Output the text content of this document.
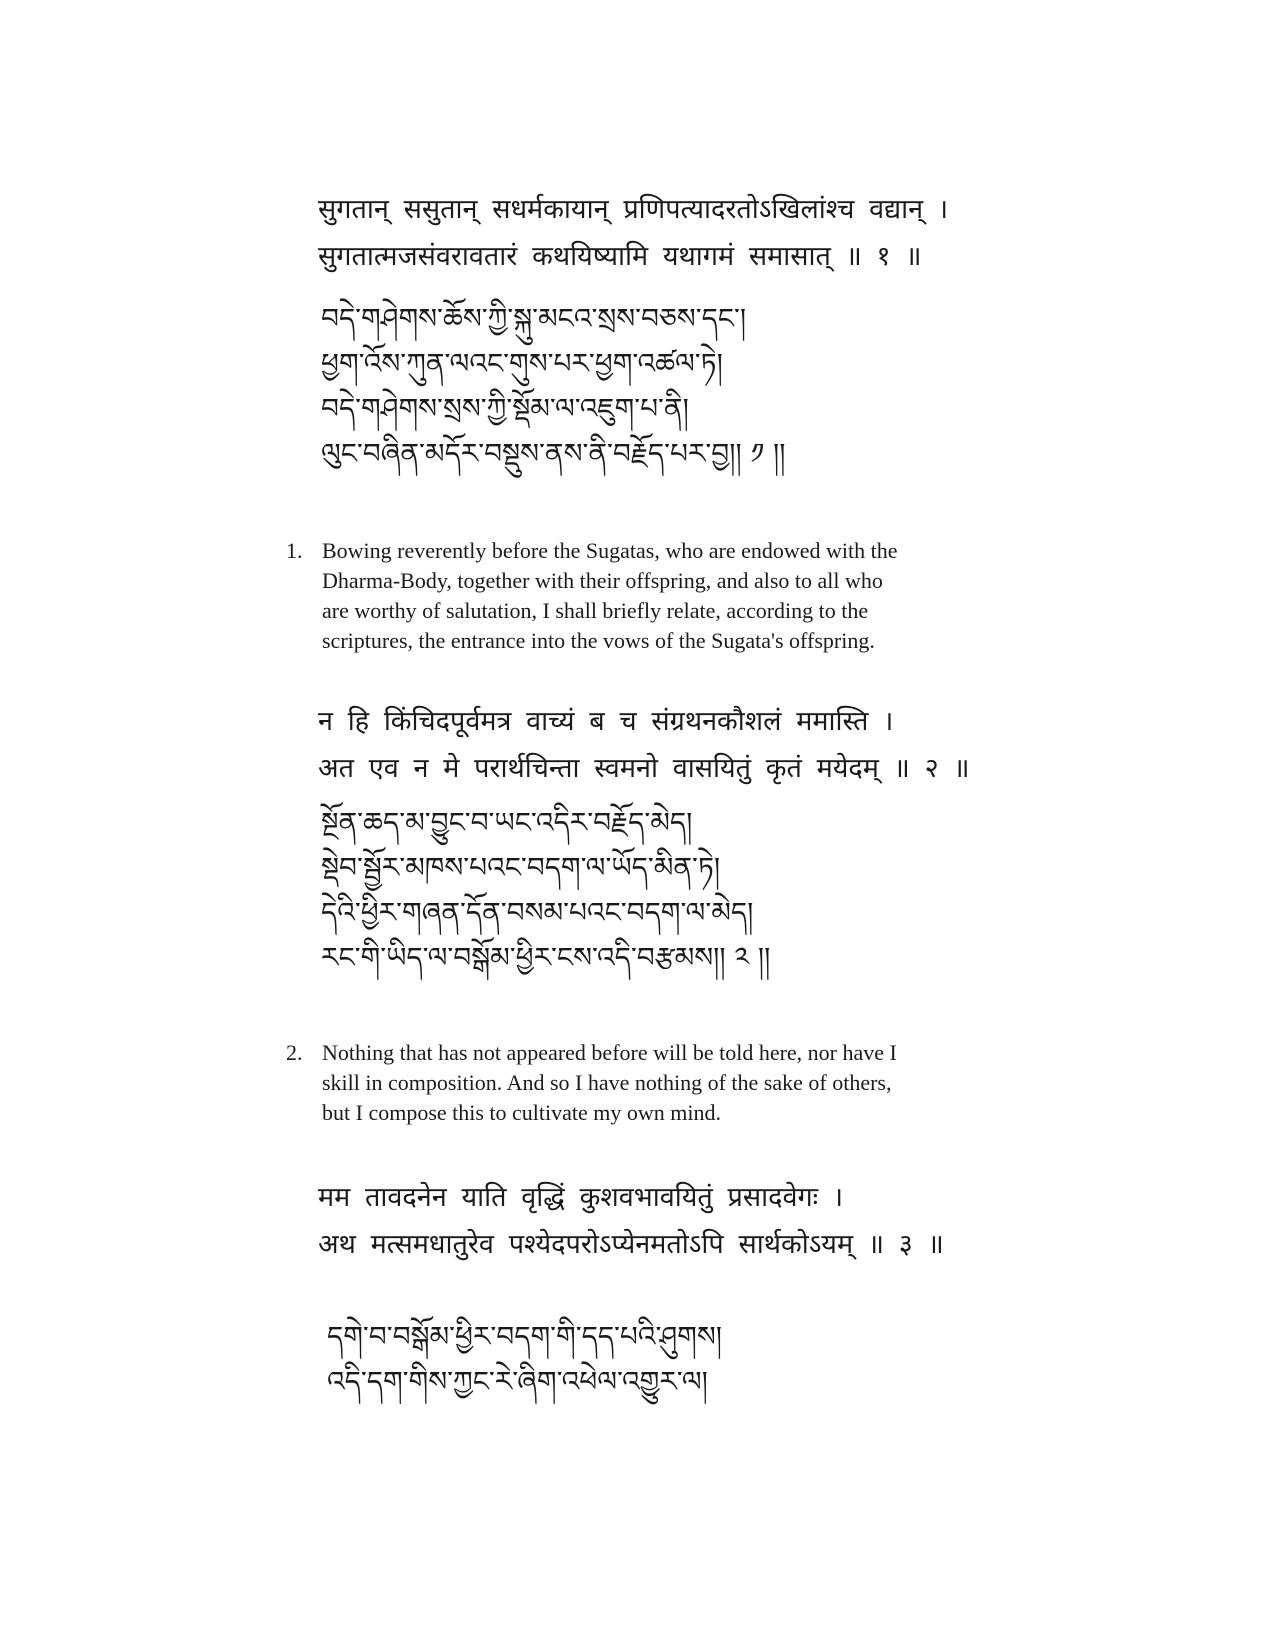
सुगतान् ससुतान् सधर्मकायान् प्रणिपत्यादरतोऽखिलांश्च वद्यान् ।
सुगतात्मजसंवरावतारं कथयिष्यामि यथागमं समासात् ॥ १ ॥
བདེ་གཤེགས་ཆོས་ཀྱི་སྐུ་མངའ་སྲས་བཅས་དང་།
ཕྱག་འོས་ཀུན་ལའང་གུས་པར་ཕྱག་འཚལ་ཏེ།
བདེ་གཤེགས་སྲས་ཀྱི་སྡོམ་ལ་འཇུག་པ་ནི།
ལུང་བཞིན་མདོར་བསྡུས་ནས་ནི་བརྗོད་པར་བྱ།། ༡ །།
1. Bowing reverently before the Sugatas, who are endowed with the Dharma-Body, together with their offspring, and also to all who are worthy of salutation, I shall briefly relate, according to the scriptures, the entrance into the vows of the Sugata's offspring.
न हि किंचिदपूर्वमत्र वाच्यं ब च संग्रथनकौशलं ममास्ति ।
अत एव न मे परार्थचिन्ता स्वमनो वासयितुं कृतं मयेदम् ॥ २ ॥
སྔོན་ཆད་མ་བྱུང་བ་ཡང་འདིར་བརྗོད་མེད།
སྡེབ་སྦྱོར་མཁས་པའང་བདག་ལ་ཡོད་མིན་ཏེ།
དེའི་ཕྱིར་གཞན་དོན་བསམ་པའང་བདག་ལ་མེད།
རང་གི་ཡིད་ལ་བསྒོམ་ཕྱིར་ངས་འདི་བརྩམས།། ༢ །།
2. Nothing that has not appeared before will be told here, nor have I skill in composition. And so I have nothing of the sake of others, but I compose this to cultivate my own mind.
मम तावदनेन याति वृद्धिं कुशवभावयितुं प्रसादवेगः ।
अथ मत्समधातुरेव पश्येदपरोऽप्येनमतोऽपि सार्थकोऽयम् ॥ ३ ॥
དགེ་བ་བསྒོམ་ཕྱིར་བདག་གི་དད་པའི་ཤུགས།
འདི་དག་གིས་ཀྱང་རེ་ཞིག་འཕེལ་འགྱུར་ལ།
